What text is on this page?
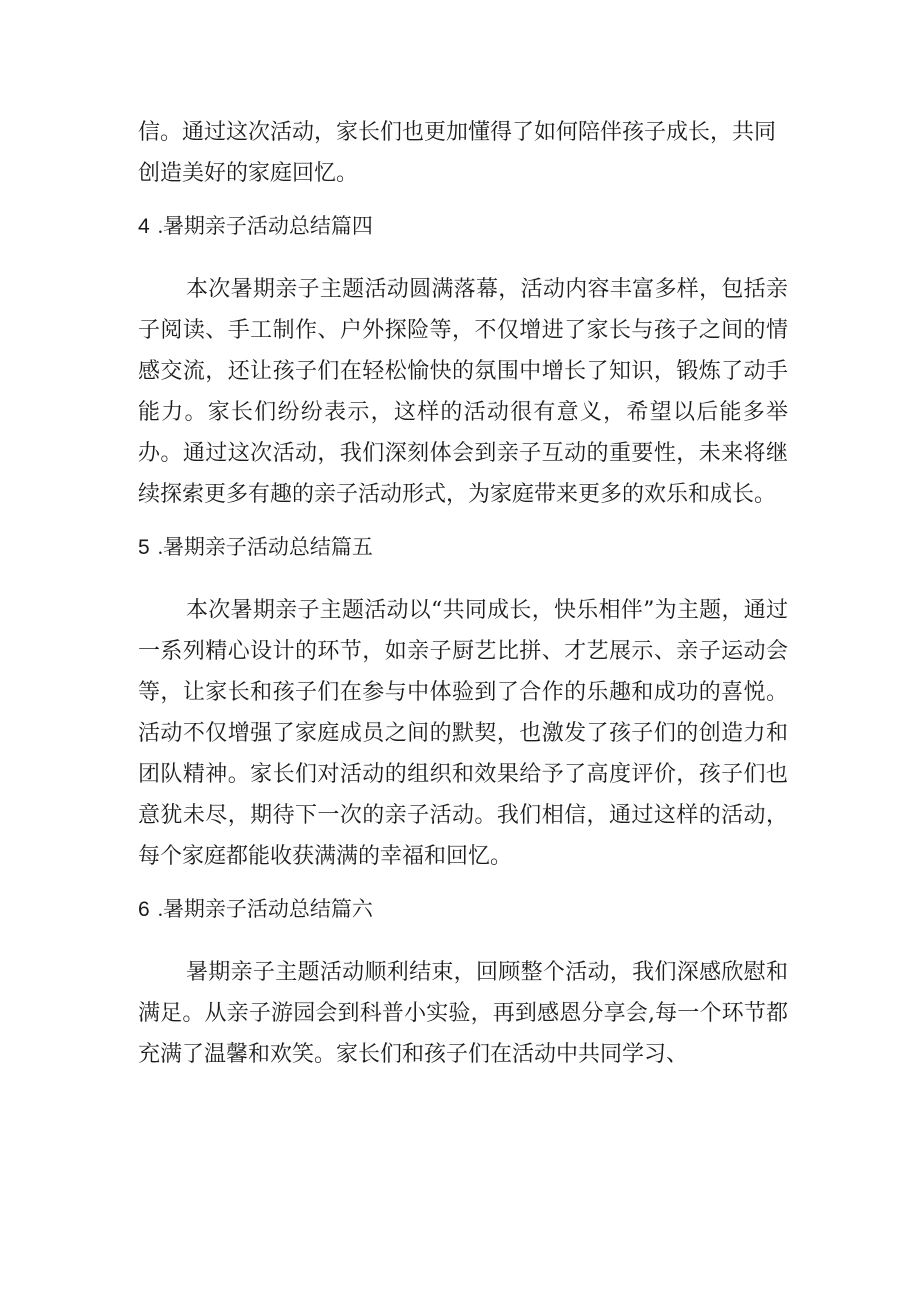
信。通过这次活动，家长们也更加懂得了如何陪伴孩子成长，共同创造美好的家庭回忆。

4 .暑期亲子活动总结篇四

本次暑期亲子主题活动圆满落幕，活动内容丰富多样，包括亲子阅读、手工制作、户外探险等，不仅增进了家长与孩子之间的情感交流，还让孩子们在轻松愉快的氛围中增长了知识，锻炼了动手能力。家长们纷纷表示，这样的活动很有意义，希望以后能多举办。通过这次活动，我们深刻体会到亲子互动的重要性，未来将继续探索更多有趣的亲子活动形式，为家庭带来更多的欢乐和成长。

5 .暑期亲子活动总结篇五

本次暑期亲子主题活动以“共同成长，快乐相伴”为主题，通过一系列精心设计的环节，如亲子厨艺比拼、才艺展示、亲子运动会等，让家长和孩子们在参与中体验到了合作的乐趣和成功的喜悦。活动不仅增强了家庭成员之间的默契，也激发了孩子们的创造力和团队精神。家长们对活动的组织和效果给予了高度评价，孩子们也意犹未尽，期待下一次的亲子活动。我们相信，通过这样的活动，每个家庭都能收获满满的幸福和回忆。

6 .暑期亲子活动总结篇六

暑期亲子主题活动顺利结束，回顾整个活动，我们深感欣慰和满足。从亲子游园会到科普小实验，再到感恩分享会,每一个环节都充满了温馨和欢笑。家长们和孩子们在活动中共同学习、
